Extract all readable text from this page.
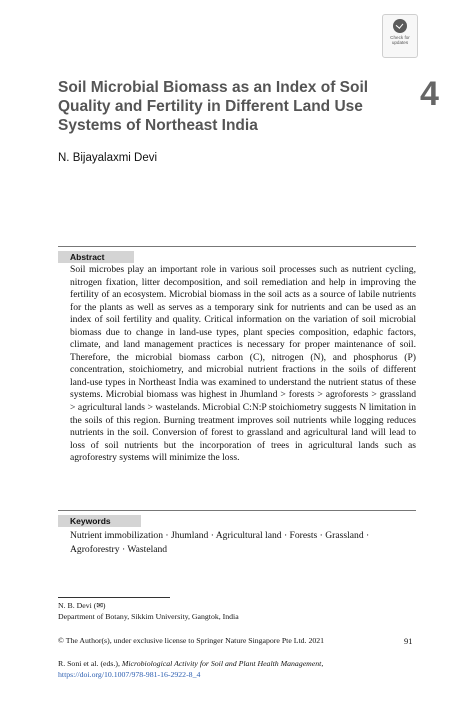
Check for
updates
Soil Microbial Biomass as an Index of Soil Quality and Fertility in Different Land Use Systems of Northeast India
4
N. Bijayalaxmi Devi
Abstract

Soil microbes play an important role in various soil processes such as nutrient cycling, nitrogen fixation, litter decomposition, and soil remediation and help in improving the fertility of an ecosystem. Microbial biomass in the soil acts as a source of labile nutrients for the plants as well as serves as a temporary sink for nutrients and can be used as an index of soil fertility and quality. Critical information on the variation of soil microbial biomass due to change in land-use types, plant species composition, edaphic factors, climate, and land management practices is necessary for proper maintenance of soil. Therefore, the microbial biomass carbon (C), nitrogen (N), and phosphorus (P) concentration, stoichiometry, and microbial nutrient fractions in the soils of different land-use types in Northeast India was examined to understand the nutrient status of these systems. Microbial biomass was highest in Jhumland > forests > agroforests > grassland > agricultural lands > wastelands. Microbial C:N:P stoichiometry suggests N limitation in the soils of this region. Burning treatment improves soil nutrients while logging reduces nutrients in the soil. Conversion of forest to grassland and agricultural land will lead to loss of soil nutrients but the incorporation of trees in agricultural lands such as agroforestry systems will minimize the loss.

Keywords

Nutrient immobilization · Jhumland · Agricultural land · Forests · Grassland · Agroforestry · Wasteland

N. B. Devi (✉)
Department of Botany, Sikkim University, Gangtok, India
© The Author(s), under exclusive license to Springer Nature Singapore Pte Ltd. 2021	91
R. Soni et al. (eds.), Microbiological Activity for Soil and Plant Health Management,
https://doi.org/10.1007/978-981-16-2922-8_4
